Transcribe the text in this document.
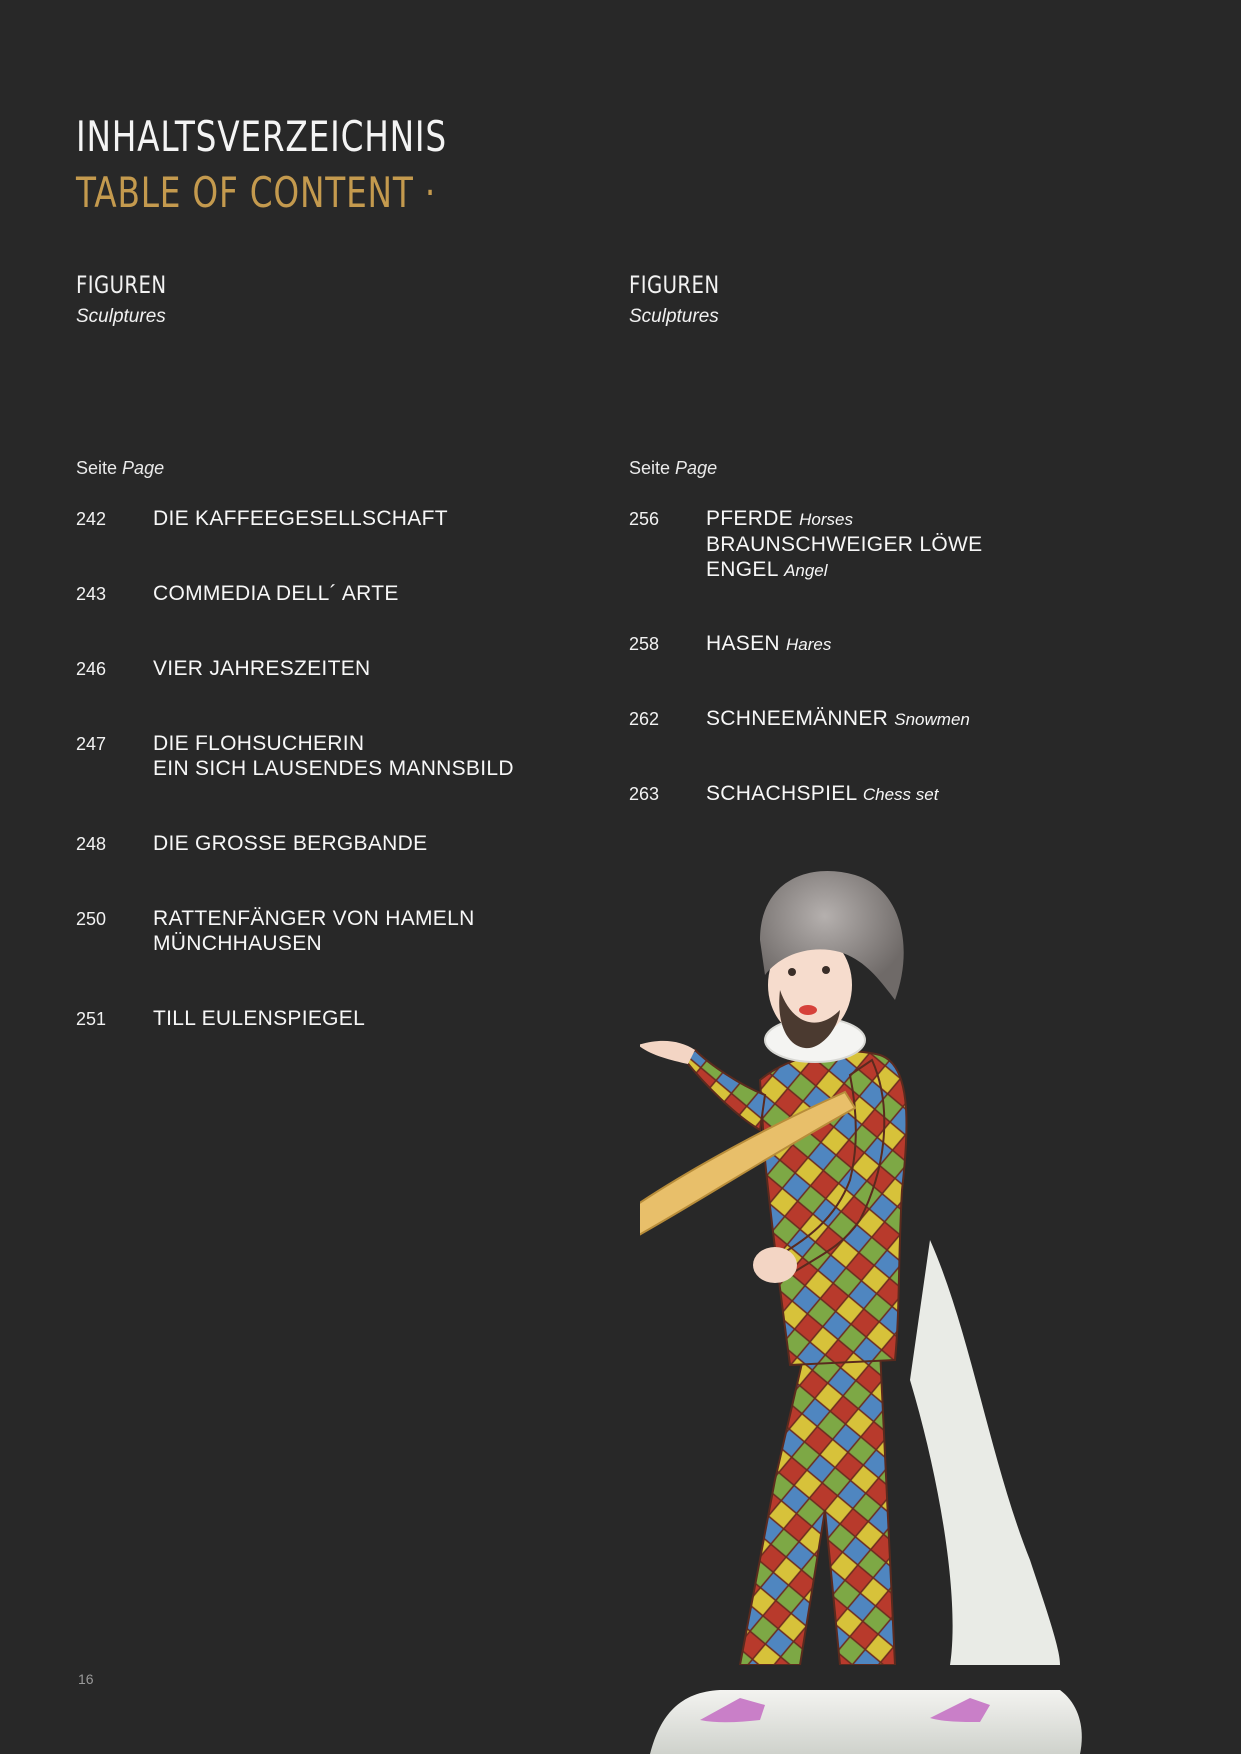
INHALTSVERZEICHNIS
TABLE OF CONTENT ·
FIGUREN
Sculptures
Seite Page
242	DIE KAFFEEGESELLSCHAFT
243	COMMEDIA DELL´ ARTE
246	VIER JAHRESZEITEN
247	DIE FLOHSUCHERIN
EIN SICH LAUSENDES MANNSBILD
248	DIE GROSSE BERGBANDE
250	RATTENFÄNGER VON HAMELN
MÜNCHHAUSEN
251	TILL EULENSPIEGEL
FIGUREN
Sculptures
Seite Page
256	PFERDE Horses
BRAUNSCHWEIGER LÖWE
ENGEL Angel
258	HASEN Hares
262	SCHNEEMÄNNER Snowmen
263	SCHACHSPIEL Chess set
16
